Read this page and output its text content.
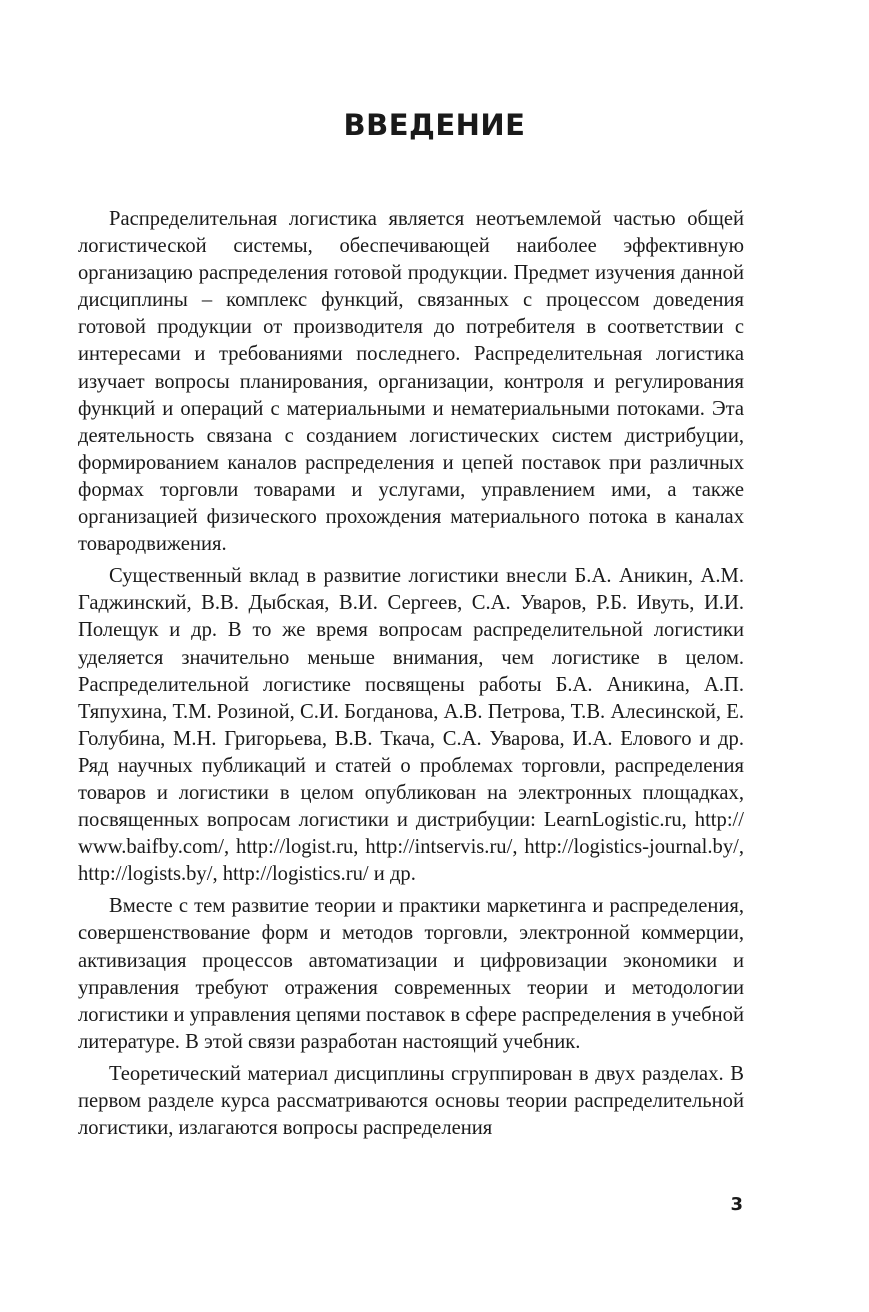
ВВЕДЕНИЕ

Распределительная логистика является неотъемлемой частью общей логистической системы, обеспечивающей наиболее эффективную организацию распределения готовой продукции. Предмет изучения данной дисциплины – комплекс функций, связанных с процессом доведения готовой продукции от производителя до потребителя в соответствии с интересами и требованиями последнего. Распределительная логистика изучает вопросы планирования, организации, контроля и регулирования функций и операций с материальными и нематериальными потоками. Эта деятельность связана с созданием логистических систем дистрибуции, формированием каналов распределения и цепей поставок при различных формах торговли товарами и услугами, управлением ими, а также организацией физического прохождения материального потока в каналах товародвижения.

Существенный вклад в развитие логистики внесли Б.А. Аникин, А.М. Гаджинский, В.В. Дыбская, В.И. Сергеев, С.А. Уваров, Р.Б. Ивуть, И.И. Полещук и др. В то же время вопросам распределительной логистики уделяется значительно меньше внимания, чем логистике в целом. Распределительной логистике посвящены работы Б.А. Аникина, А.П. Тяпухина, Т.М. Розиной, С.И. Богданова, А.В. Петрова, Т.В. Алесинской, Е. Голубина, М.Н. Григорьева, В.В. Ткача, С.А. Уварова, И.А. Елового и др. Ряд научных публикаций и статей о проблемах торговли, распределения товаров и логистики в целом опубликован на электронных площадках, посвященных вопросам логистики и дистрибуции: LearnLogistic.ru, http:// www.baifby.com/, http://logist.ru, http://intservis.ru/, http://logistics-journal.by/, http://logists.by/, http://logistics.ru/ и др.

Вместе с тем развитие теории и практики маркетинга и распределения, совершенствование форм и методов торговли, электронной коммерции, активизация процессов автоматизации и цифровизации экономики и управления требуют отражения современных теории и методологии логистики и управления цепями поставок в сфере распределения в учебной литературе. В этой связи разработан настоящий учебник.

Теоретический материал дисциплины сгруппирован в двух разделах. В первом разделе курса рассматриваются основы теории распределительной логистики, излагаются вопросы распределения

3
